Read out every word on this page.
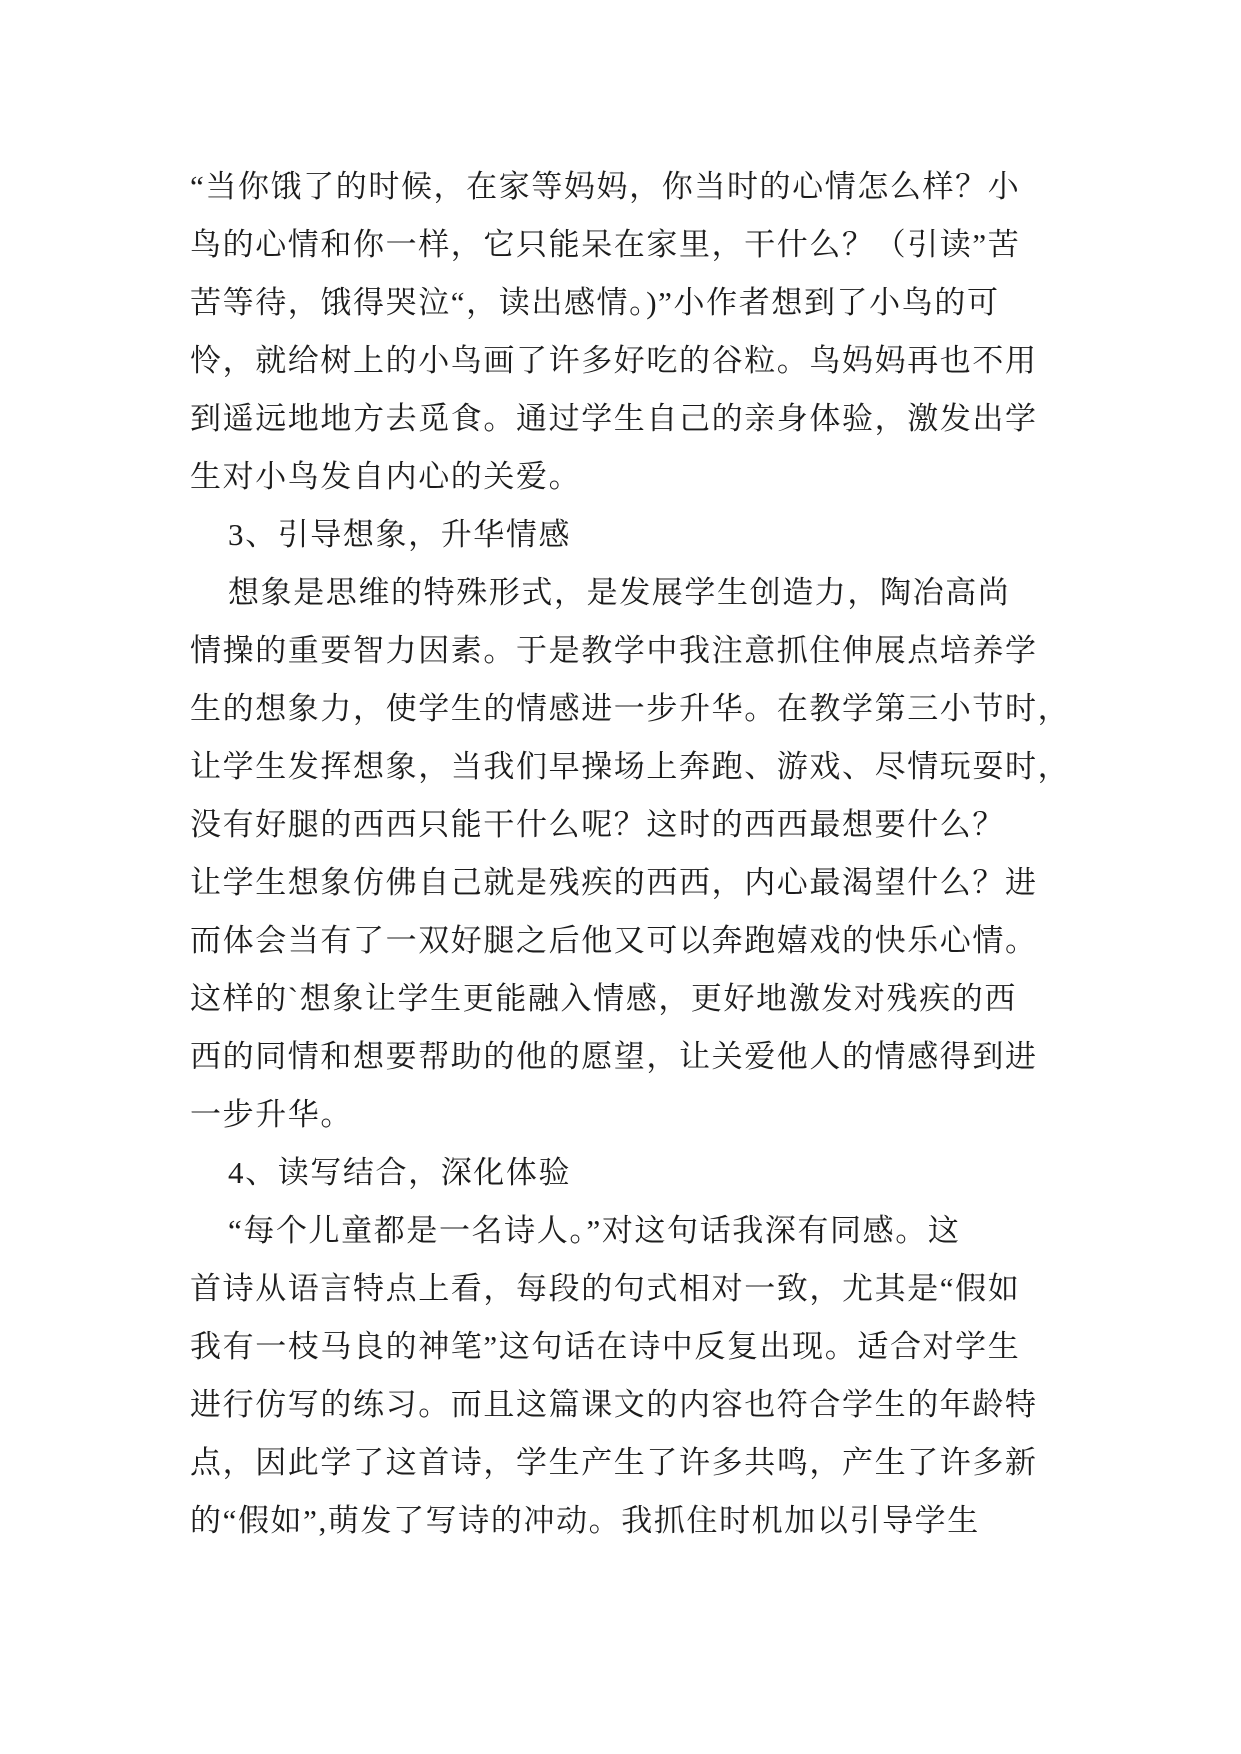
“当你饿了的时候，在家等妈妈，你当时的心情怎么样？小
鸟的心情和你一样，它只能呆在家里，干什么？（引读”苦
苦等待，饿得哭泣“，读出感情。)”小作者想到了小鸟的可
怜，就给树上的小鸟画了许多好吃的谷粒。鸟妈妈再也不用
到遥远地地方去觅食。通过学生自己的亲身体验，激发出学
生对小鸟发自内心的关爱。
3、引导想象，升华情感
想象是思维的特殊形式，是发展学生创造力，陶冶高尚
情操的重要智力因素。于是教学中我注意抓住伸展点培养学
生的想象力，使学生的情感进一步升华。在教学第三小节时，
让学生发挥想象，当我们早操场上奔跑、游戏、尽情玩耍时，
没有好腿的西西只能干什么呢？这时的西西最想要什么？
让学生想象仿佛自己就是残疾的西西，内心最渴望什么？进
而体会当有了一双好腿之后他又可以奔跑嬉戏的快乐心情。
这样的`想象让学生更能融入情感，更好地激发对残疾的西
西的同情和想要帮助的他的愿望，让关爱他人的情感得到进
一步升华。
4、读写结合，深化体验
“每个儿童都是一名诗人。”对这句话我深有同感。这
首诗从语言特点上看，每段的句式相对一致，尤其是“假如
我有一枝马良的神笔”这句话在诗中反复出现。适合对学生
进行仿写的练习。而且这篇课文的内容也符合学生的年龄特
点，因此学了这首诗，学生产生了许多共鸣，产生了许多新
的“假如”,萌发了写诗的冲动。我抓住时机加以引导学生
